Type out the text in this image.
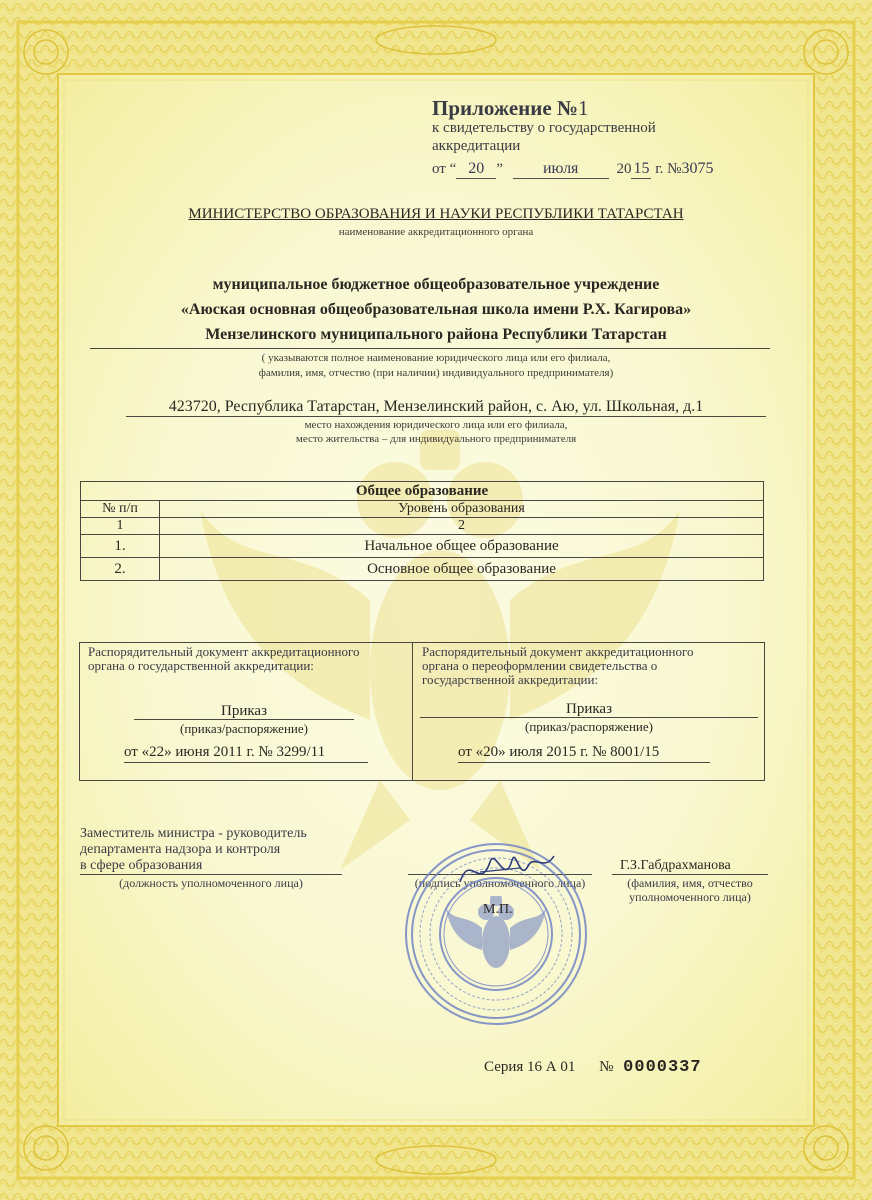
Приложение №1
к свидетельству о государственной
аккредитации
от “ 20 ”	июля	20 15 г. №3075
МИНИСТЕРСТВО ОБРАЗОВАНИЯ И НАУКИ РЕСПУБЛИКИ ТАТАРСТАН
наименование аккредитационного органа
муниципальное бюджетное общеобразовательное учреждение
«Аюская основная общеобразовательная школа имени Р.Х. Кагирова»
Мензелинского муниципального района Республики Татарстан
( указываются полное наименование юридического лица или его филиала,
фамилия, имя, отчество (при наличии) индивидуального предпринимателя)
423720, Республика Татарстан, Мензелинский район, с. Аю, ул. Школьная, д.1
место нахождения юридического лица или его филиала,
место жительства – для индивидуального предпринимателя
Общее образование	
№ п/п	Уровень образования
1	2
1.	Начальное общее образование
2.	Основное общее образование
Распорядительный документ аккредитационного
органа о государственной аккредитации:
Приказ
(приказ/распоряжение)
от «22» июня 2011 г. № 3299/11
Распорядительный документ аккредитационного
органа о переоформлении свидетельства о
государственной аккредитации:
Приказ
(приказ/распоряжение)
от «20» июля 2015 г. № 8001/15
Заместитель министра - руководитель
департамента надзора и контроля
в сфере образования
(должность уполномоченного лица)	(подпись уполномоченного лица)
Г.З.Габдрахманова
(фамилия, имя, отчество
уполномоченного лица)
М.П.
Серия 16 А 01 № 0000337
